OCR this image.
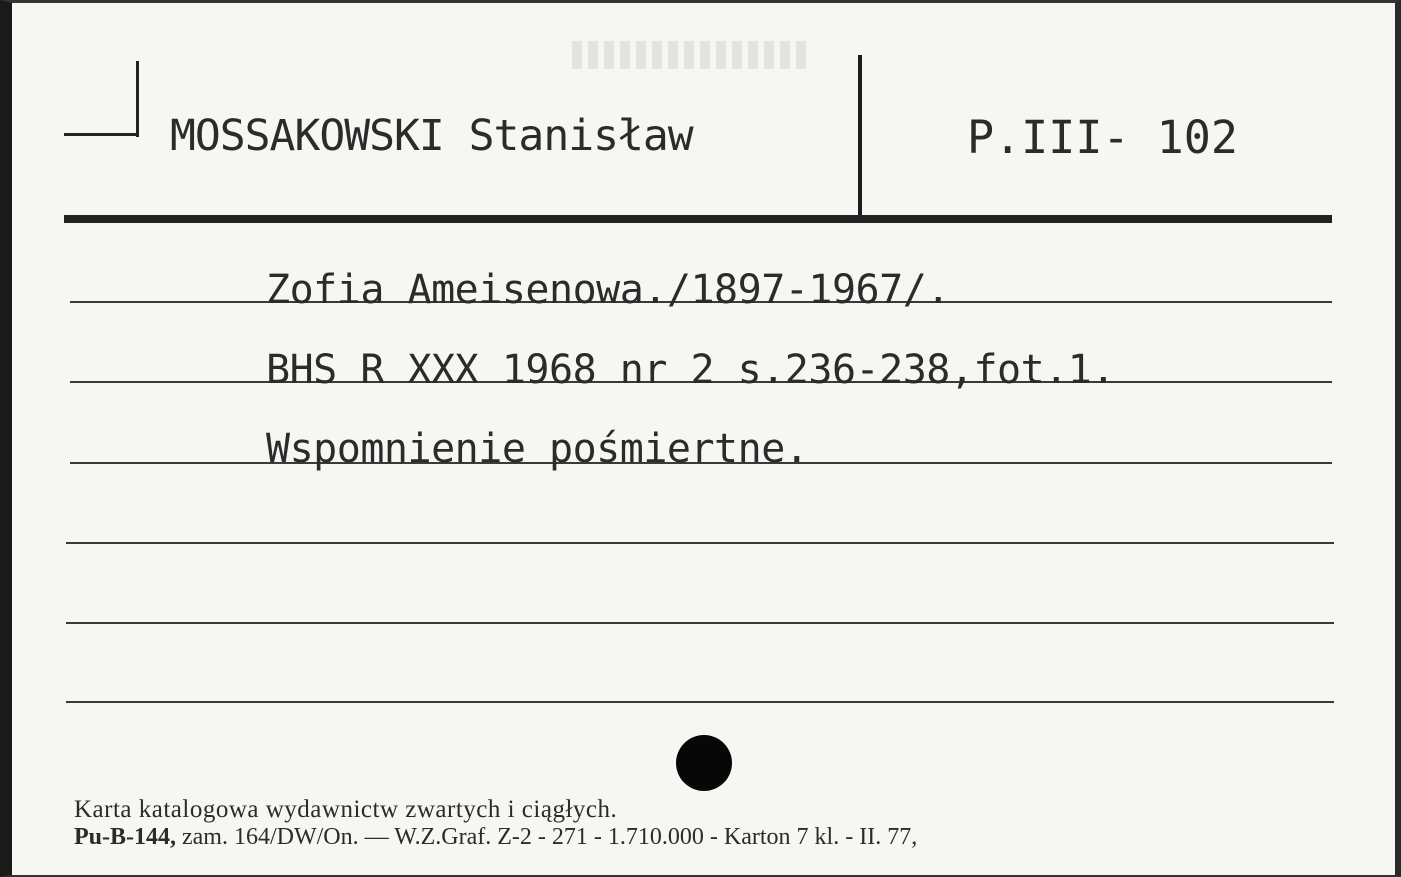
MOSSAKOWSKI Stanisław	P.III- 102
Zofia Ameisenowa./1897-1967/.
BHS R XXX 1968 nr 2 s.236-238,fot.1.
Wspomnienie pośmiertne.
Karta katalogowa wydawnictw zwartych i ciągłych.
Pu-B-144, zam. 164/DW/On. — W.Z.Graf. Z-2 - 271 - 1.710.000 - Karton 7 kl. - II. 77,
